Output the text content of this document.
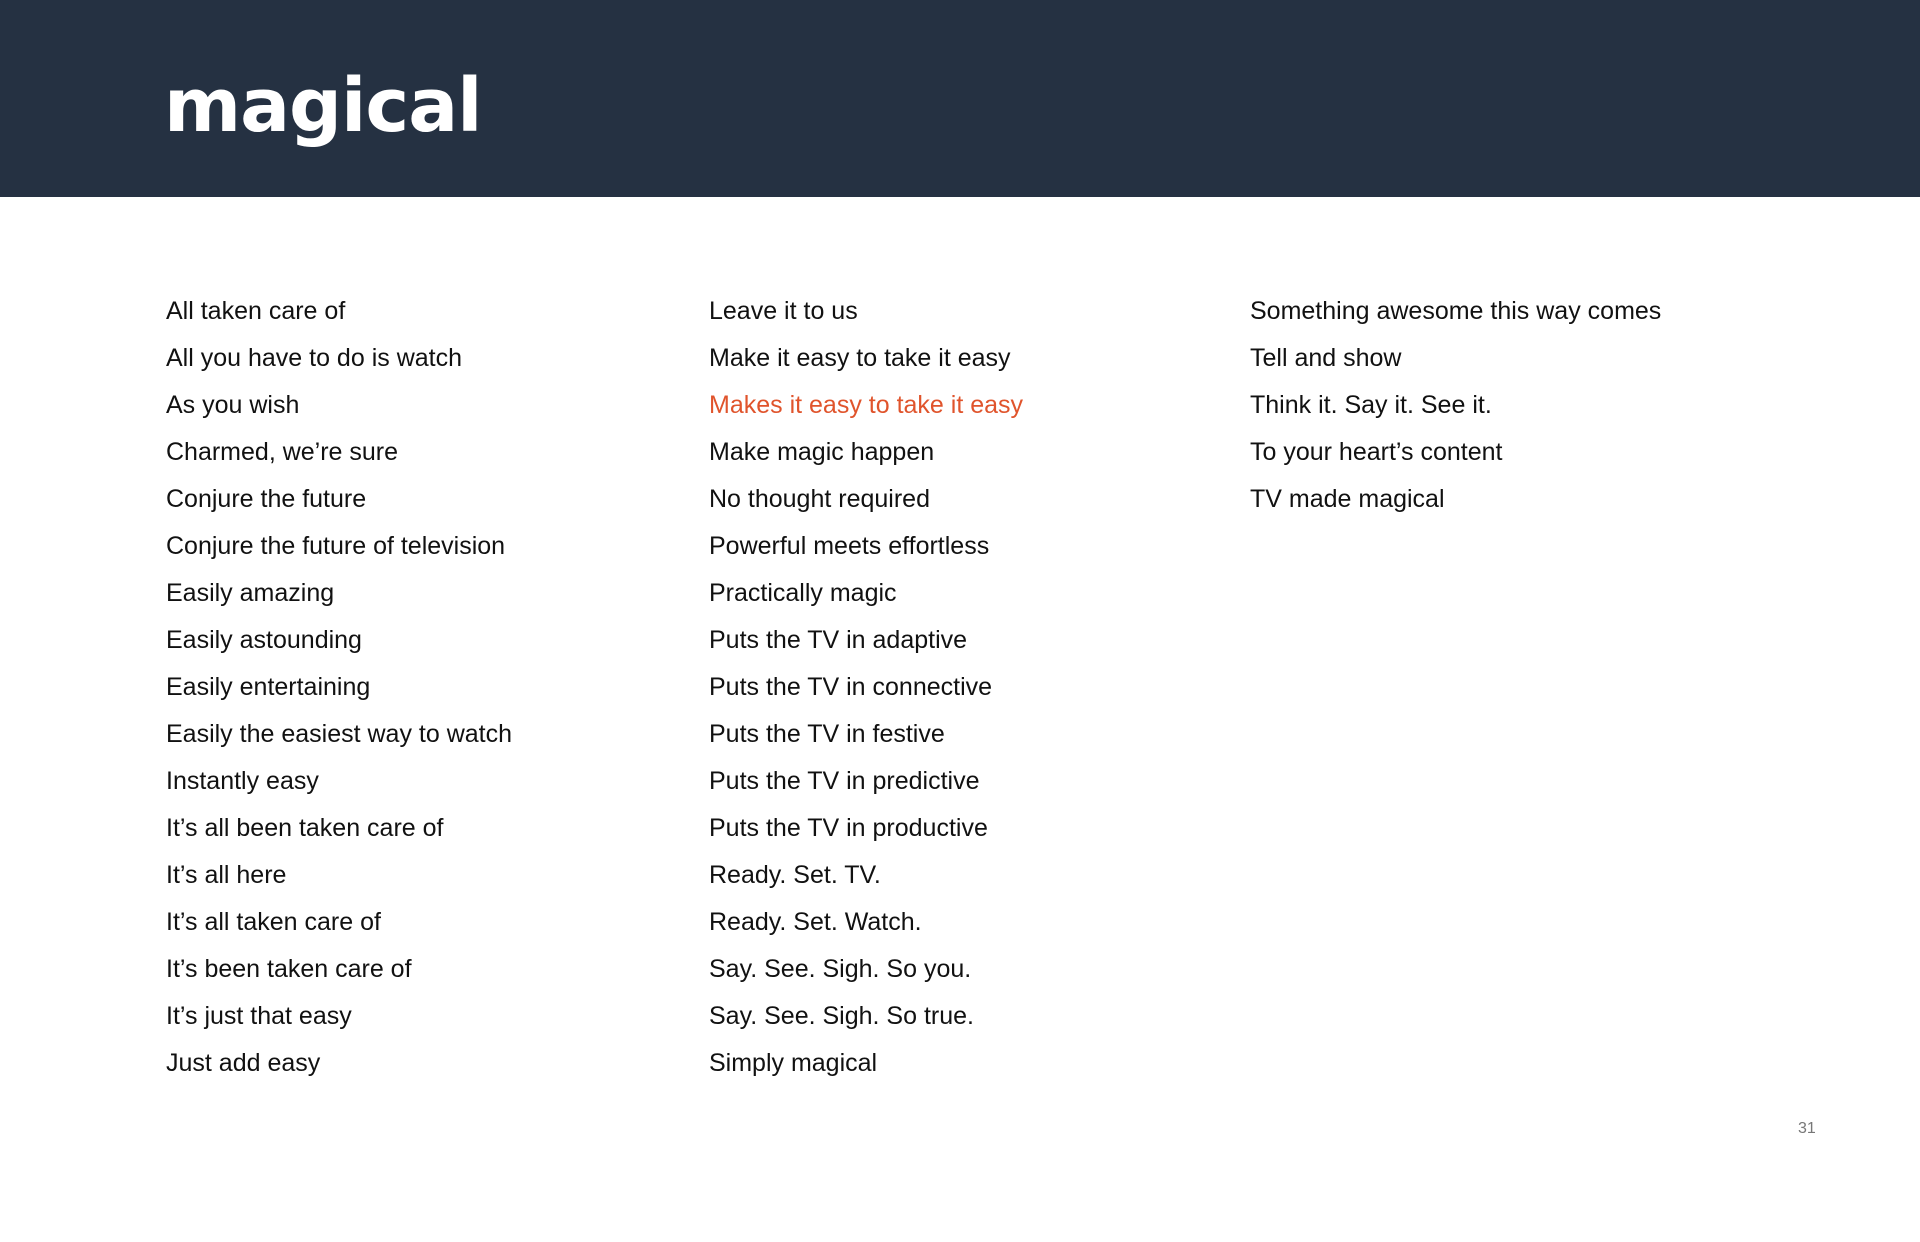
magical
All taken care of
All you have to do is watch
As you wish
Charmed, we’re sure
Conjure the future
Conjure the future of television
Easily amazing
Easily astounding
Easily entertaining
Easily the easiest way to watch
Instantly easy
It’s all been taken care of
It’s all here
It’s all taken care of
It’s been taken care of
It’s just that easy
Just add easy
Leave it to us
Make it easy to take it easy
Makes it easy to take it easy
Make magic happen
No thought required
Powerful meets effortless
Practically magic
Puts the TV in adaptive
Puts the TV in connective
Puts the TV in festive
Puts the TV in predictive
Puts the TV in productive
Ready. Set. TV.
Ready. Set. Watch.
Say. See. Sigh. So you.
Say. See. Sigh. So true.
Simply magical
Something awesome this way comes
Tell and show
Think it. Say it. See it.
To your heart’s content
TV made magical
31
